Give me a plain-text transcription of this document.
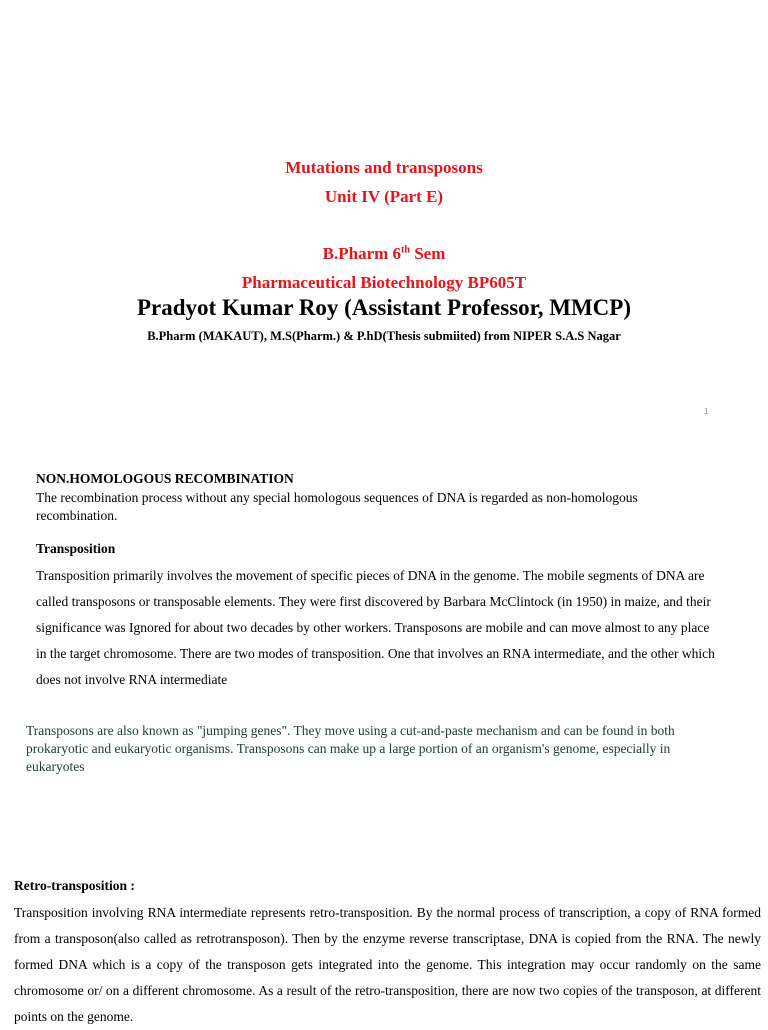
Mutations and transposons
Unit IV (Part E)
B.Pharm 6th Sem
Pharmaceutical Biotechnology BP605T
Pradyot Kumar Roy (Assistant Professor, MMCP)
B.Pharm (MAKAUT), M.S(Pharm.) & P.hD(Thesis submiited) from NIPER S.A.S Nagar
1
NON.HOMOLOGOUS RECOMBINATION
The recombination process without any special homologous sequences of DNA is regarded as non-homologous recombination.
Transposition
Transposition primarily involves the movement of specific pieces of DNA in the genome. The mobile segments of DNA are called transposons or transposable elements. They were first discovered by Barbara McClintock (in 1950) in maize, and their significance was Ignored for about two decades by other workers. Transposons are mobile and can move almost to any place in the target chromosome. There are two modes of transposition. One that involves an RNA intermediate, and the other which does not involve RNA intermediate
Transposons are also known as "jumping genes". They move using a cut-and-paste mechanism and can be found in both prokaryotic and eukaryotic organisms. Transposons can make up a large portion of an organism's genome, especially in eukaryotes
Retro-transposition :
Transposition involving RNA intermediate represents retro-transposition. By the normal process of transcription, a copy of RNA formed from a transposon(also called as retrotransposon). Then by the enzyme reverse transcriptase, DNA is copied from the RNA. The newly formed DNA which is a copy of the transposon gets integrated into the genome. This integration may occur randomly on the same chromosome or/ on a different chromosome. As a result of the retro-transposition, there are now two copies of the transposon, at different points on the genome.
